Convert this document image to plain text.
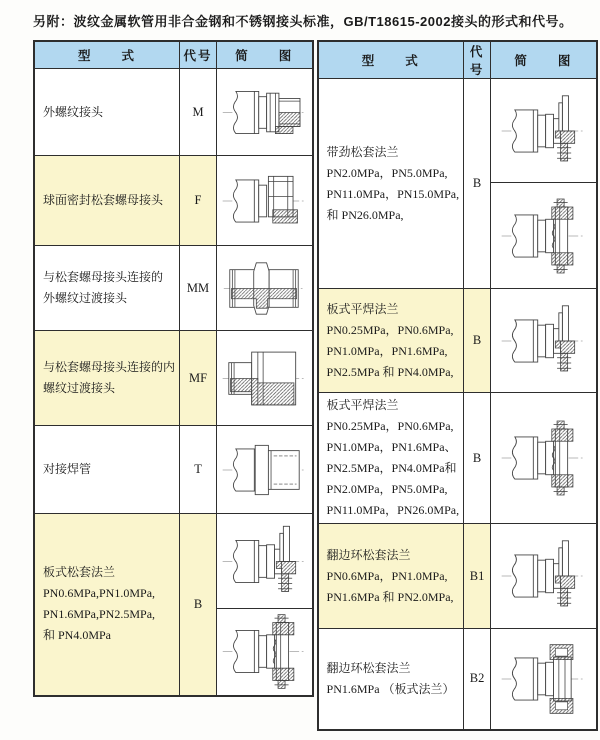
另附：波纹金属软管用非合金钢和不锈钢接头标准，GB/T18615-2002接头的形式和代号。
型　　式	代号	简　　图

外螺纹接头	M	

球面密封松套螺母接头	F	

与松套螺母接头连接的
外螺纹过渡接头	MM	

与松套螺母接头连接的内
螺纹过渡接头	MF	

对接焊管	T	

板式松套法兰
PN0.6MPa,PN1.0MPa,
PN1.6MPa,PN2.5MPa,
和 PN4.0MPa	B	

型　　式	代号	简　　图

带劲松套法兰
PN2.0MPa，PN5.0MPa,
PN11.0MPa，PN15.0MPa,
和 PN26.0MPa,	B	

板式平焊法兰
PN0.25MPa，PN0.6MPa,
PN1.0MPa，PN1.6MPa,
PN2.5MPa 和 PN4.0MPa,	B	

板式平焊法兰
PN0.25MPa，PN0.6MPa,
PN1.0MPa，PN1.6MPa、
PN2.5MPa，PN4.0MPa和
PN2.0MPa，PN5.0MPa,
PN11.0MPa，PN26.0MPa,
	B	

翻边环松套法兰
PN0.6MPa，PN1.0MPa,
PN1.6MPa 和 PN2.0MPa,	B1	

翻边环松套法兰
PN1.6MPa （板式法兰）	B2	
